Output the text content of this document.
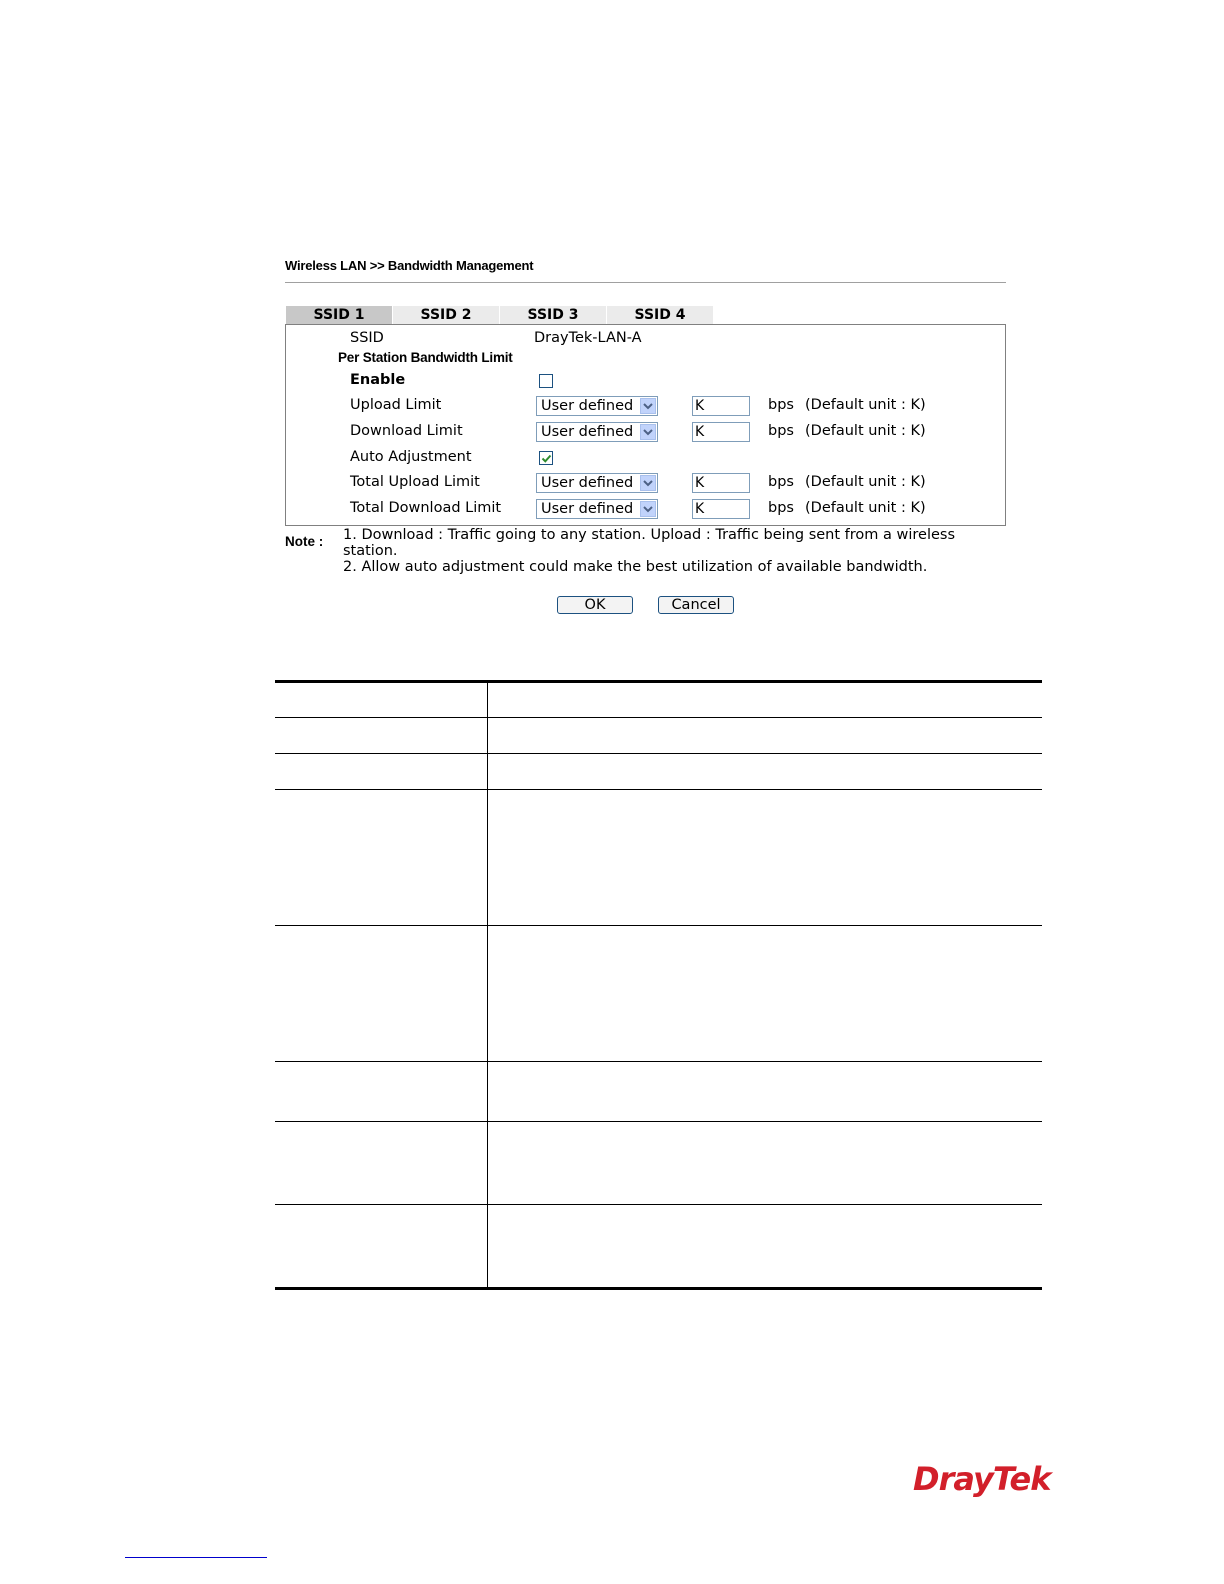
Wireless LAN >> Bandwidth Management
SSID 1	SSID 2	SSID 3	SSID 4
SSID	DrayTek-LAN-A
Per Station Bandwidth Limit
Enable
Upload Limit	User defined	K	bps (Default unit : K)
Download Limit	User defined	K	bps (Default unit : K)
Auto Adjustment
Total Upload Limit	User defined	K	bps (Default unit : K)
Total Download Limit	User defined	K	bps (Default unit : K)
Note : 1. Download : Traffic going to any station. Upload : Traffic being sent from a wireless
station.
2. Allow auto adjustment could make the best utilization of available bandwidth.
OK	Cancel
DrayTek
